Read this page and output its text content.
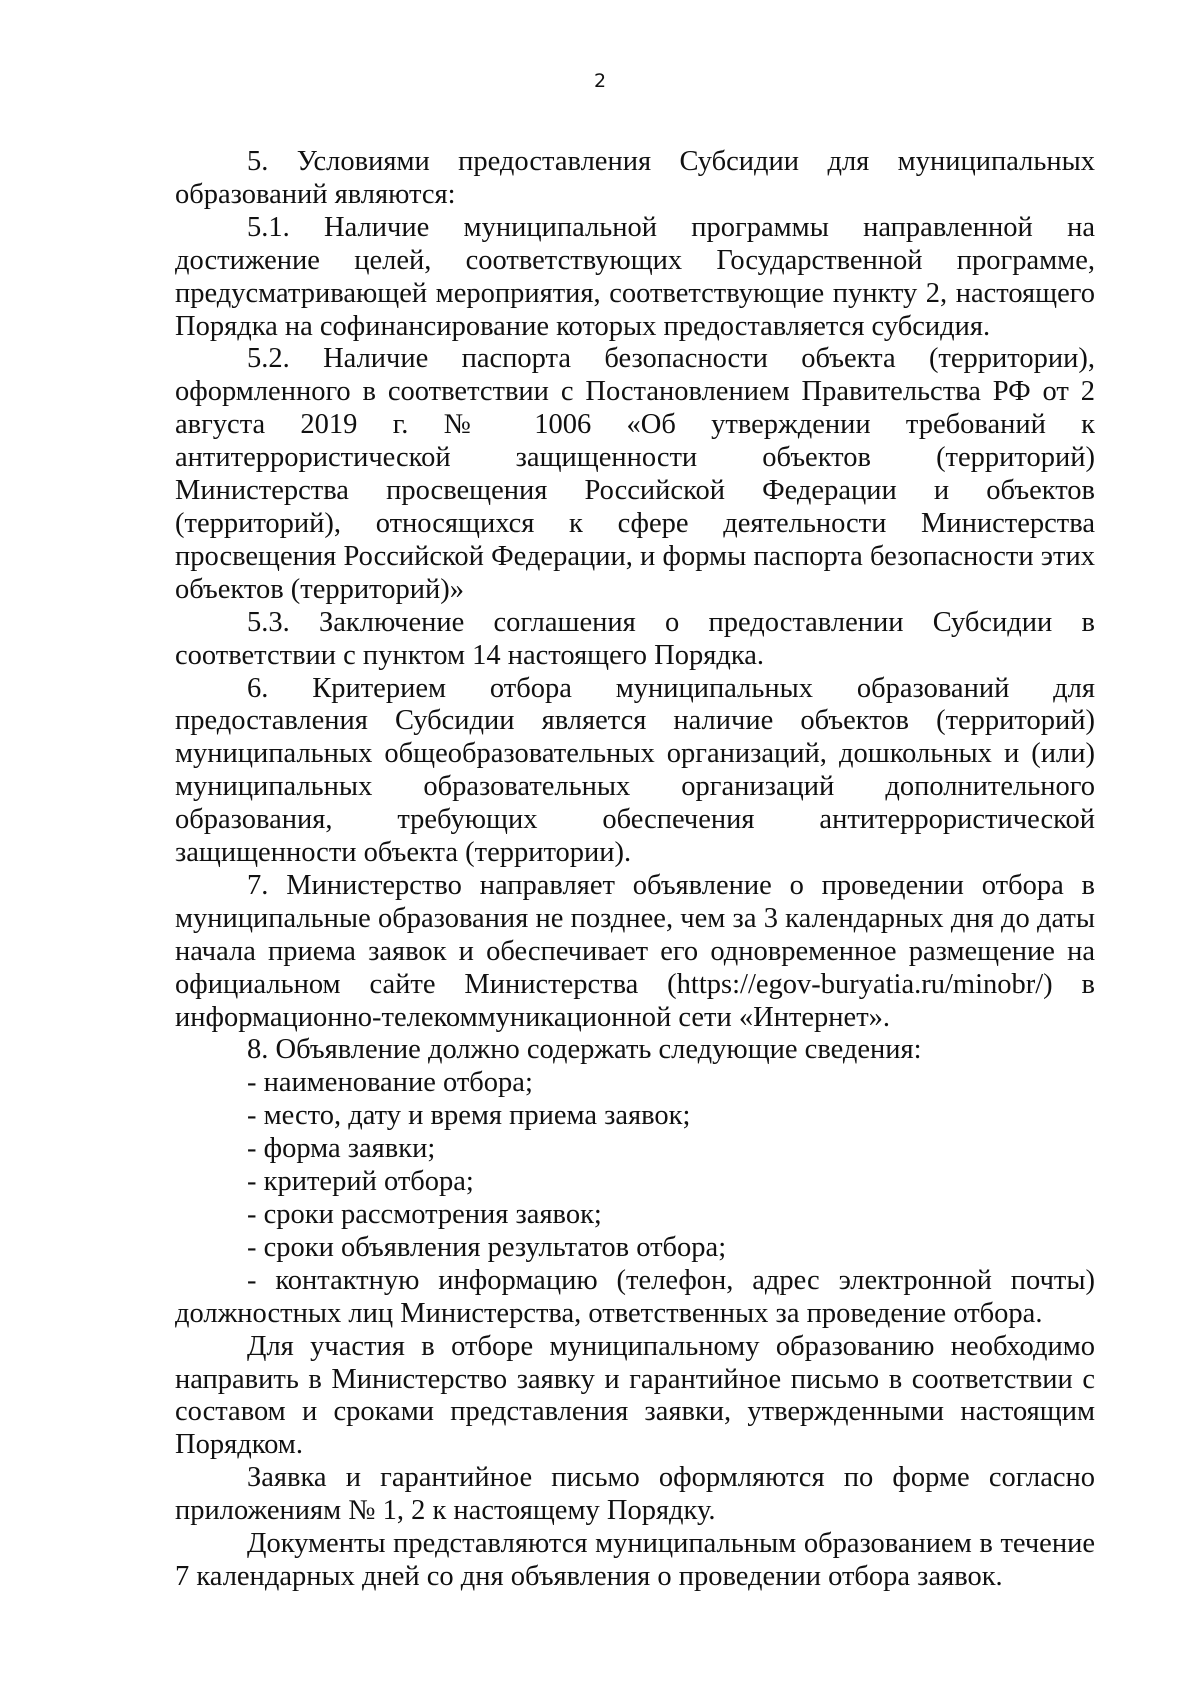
2

5. Условиями предоставления Субсидии для муниципальных образований являются:

5.1. Наличие муниципальной программы направленной на достижение целей, соответствующих Государственной программе, предусматривающей мероприятия, соответствующие пункту 2, настоящего Порядка на софинансирование которых предоставляется субсидия.

5.2. Наличие паспорта безопасности объекта (территории), оформленного в соответствии с Постановлением Правительства РФ от 2 августа 2019 г. № 1006 «Об утверждении требований к антитеррористической защищенности объектов (территорий) Министерства просвещения Российской Федерации и объектов (территорий), относящихся к сфере деятельности Министерства просвещения Российской Федерации, и формы паспорта безопасности этих объектов (территорий)»

5.3. Заключение соглашения о предоставлении Субсидии в соответствии с пунктом 14 настоящего Порядка.

6. Критерием отбора муниципальных образований для предоставления Субсидии является наличие объектов (территорий) муниципальных общеобразовательных организаций, дошкольных и (или) муниципальных образовательных организаций дополнительного образования, требующих обеспечения антитеррористической защищенности объекта (территории).

7. Министерство направляет объявление о проведении отбора в муниципальные образования не позднее, чем за 3 календарных дня до даты начала приема заявок и обеспечивает его одновременное размещение на официальном сайте Министерства (https://egov-buryatia.ru/minobr/) в информационно-телекоммуникационной сети «Интернет».

8. Объявление должно содержать следующие сведения:

- наименование отбора;

- место, дату и время приема заявок;

- форма заявки;

- критерий отбора;

- сроки рассмотрения заявок;

- сроки объявления результатов отбора;

- контактную информацию (телефон, адрес электронной почты) должностных лиц Министерства, ответственных за проведение отбора.

Для участия в отборе муниципальному образованию необходимо направить в Министерство заявку и гарантийное письмо в соответствии с составом и сроками представления заявки, утвержденными настоящим Порядком.

Заявка и гарантийное письмо оформляются по форме согласно приложениям № 1, 2 к настоящему Порядку.

Документы представляются муниципальным образованием в течение 7 календарных дней со дня объявления о проведении отбора заявок.
